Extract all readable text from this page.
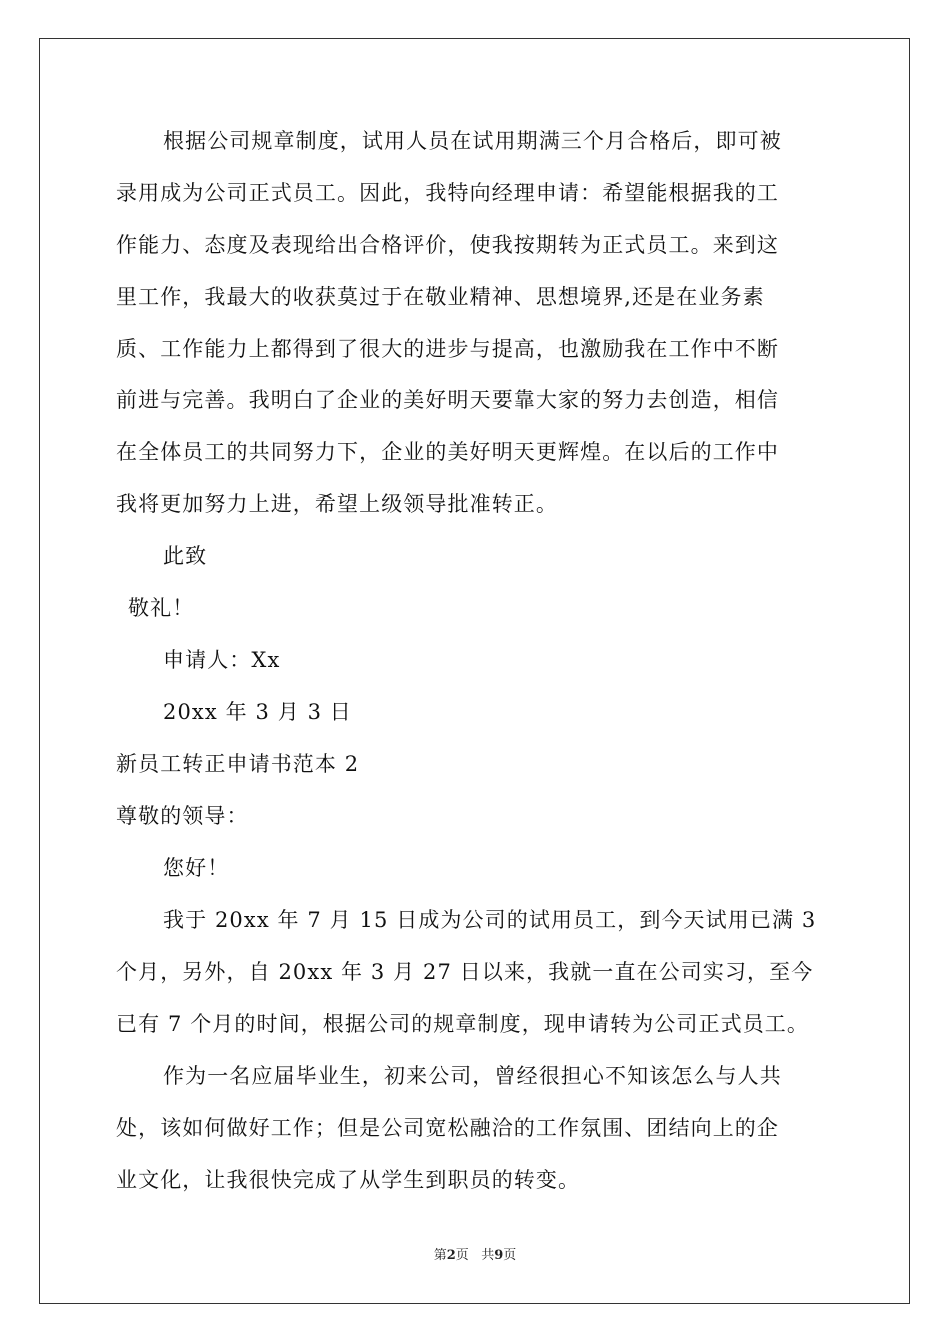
根据公司规章制度，试用人员在试用期满三个月合格后，即可被
录用成为公司正式员工。因此，我特向经理申请：希望能根据我的工
作能力、态度及表现给出合格评价，使我按期转为正式员工。来到这
里工作，我最大的收获莫过于在敬业精神、思想境界,还是在业务素
质、工作能力上都得到了很大的进步与提高，也激励我在工作中不断
前进与完善。我明白了企业的美好明天要靠大家的努力去创造，相信
在全体员工的共同努力下，企业的美好明天更辉煌。在以后的工作中
我将更加努力上进，希望上级领导批准转正。
此致
敬礼！
申请人：Xx
20xx 年 3 月 3 日
新员工转正申请书范本 2
尊敬的领导：
您好！
我于 20xx 年 7 月 15 日成为公司的试用员工，到今天试用已满 3
个月，另外，自 20xx 年 3 月 27 日以来，我就一直在公司实习，至今
已有 7 个月的时间，根据公司的规章制度，现申请转为公司正式员工。
作为一名应届毕业生，初来公司，曾经很担心不知该怎么与人共
处，该如何做好工作；但是公司宽松融洽的工作氛围、团结向上的企
业文化，让我很快完成了从学生到职员的转变。
第2页 共9页
